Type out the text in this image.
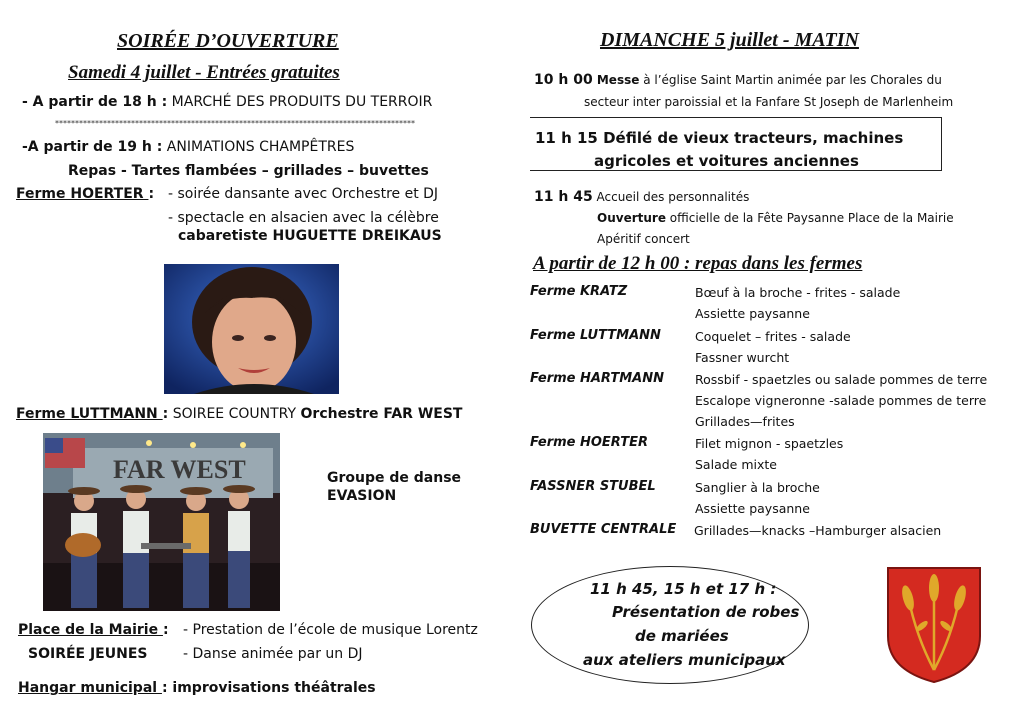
SOIRÉE D’OUVERTURE
Samedi 4 juillet - Entrées gratuites
- A partir de 18 h : MARCHÉ DES PRODUITS DU TERROIR
******************************************************************************************
-A partir de 19 h : ANIMATIONS CHAMPÊTRES
Repas - Tartes flambées – grillades – buvettes
Ferme HOERTER : - soirée dansante avec Orchestre et DJ
- spectacle en alsacien avec la célèbre
cabaretiste HUGUETTE DREIKAUS
Ferme LUTTMANN : SOIREE COUNTRY Orchestre FAR WEST
FAR WEST	Groupe de danse
EVASION
Place de la Mairie : - Prestation de l’école de musique Lorentz
SOIRÉE JEUNES	- Danse animée par un DJ
Hangar municipal : improvisations théâtrales
DIMANCHE 5 juillet - MATIN
10 h 00 Messe à l’église Saint Martin animée par les Chorales du
secteur inter paroissial et la Fanfare St Joseph de Marlenheim
11 h 15 Défilé de vieux tracteurs, machines
agricoles et voitures anciennes
11 h 45 Accueil des personnalités
Ouverture officielle de la Fête Paysanne Place de la Mairie
Apéritif concert
A partir de 12 h 00 : repas dans les fermes
Ferme KRATZ	Bœuf à la broche - frites - salade
Assiette paysanne
Ferme LUTTMANN	Coquelet – frites - salade
Fassner wurcht
Ferme HARTMANN Rossbif - spaetzles ou salade pommes de terre
Escalope vigneronne -salade pommes de terre
Grillades—frites
Ferme HOERTER	Filet mignon - spaetzles
Salade mixte
FASSNER STUBEL	Sanglier à la broche
Assiette paysanne
BUVETTE CENTRALE Grillades—knacks –Hamburger alsacien
11 h 45, 15 h et 17 h :
Présentation de robes
de mariées
aux ateliers municipaux
